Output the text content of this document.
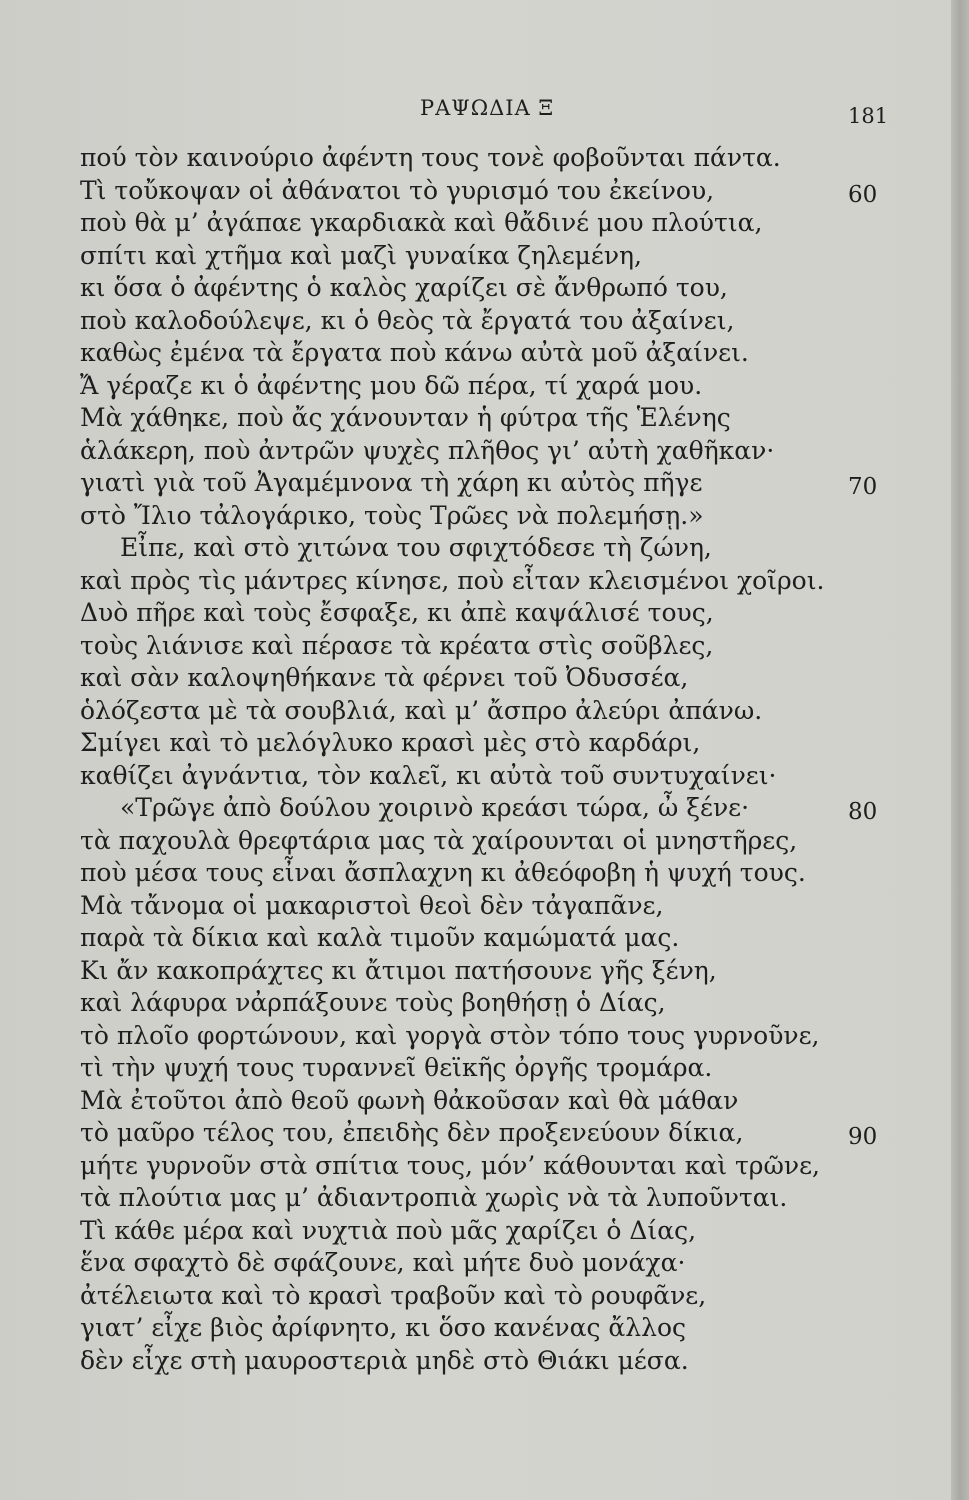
ΡΑΨΩΔΙΑ Ξ	181
πού τὸν καινούριο ἀφέντη τους τονὲ φοβοῦνται πάντα.
Τὶ τοὔκοψαν οἱ ἀθάνατοι τὸ γυρισμό του ἐκείνου,	60
ποὺ θὰ μ’ ἀγάπαε γκαρδιακὰ καὶ θἄδινέ μου πλούτια,
σπίτι καὶ χτῆμα καὶ μαζὶ γυναίκα ζηλεμένη,
κι ὅσα ὁ ἀφέντης ὁ καλὸς χαρίζει σὲ ἄνθρωπό του,
ποὺ καλοδούλεψε, κι ὁ θεὸς τὰ ἔργατά του ἀξαίνει,
καθὼς ἐμένα τὰ ἔργατα ποὺ κάνω αὐτὰ μοῦ ἀξαίνει.
Ἄ γέραζε κι ὁ ἀφέντης μου δῶ πέρα, τί χαρά μου.
Μὰ χάθηκε, ποὺ ἄς χάνουνταν ἡ φύτρα τῆς Ἑλένης
ἁλάκερη, ποὺ ἀντρῶν ψυχὲς πλῆθος γι’ αὐτὴ χαθῆκαν·
γιατὶ γιὰ τοῦ Ἀγαμέμνονα τὴ χάρη κι αὐτὸς πῆγε	70
στὸ Ἴλιο τἀλογάρικο, τοὺς Τρῶες νὰ πολεμήσῃ.»
Εἶπε, καὶ στὸ χιτώνα του σφιχτόδεσε τὴ ζώνη,
καὶ πρὸς τὶς μάντρες κίνησε, ποὺ εἶταν κλεισμένοι χοῖροι.
Δυὸ πῆρε καὶ τοὺς ἔσφαξε, κι ἀπὲ καψάλισέ τους,
τοὺς λιάνισε καὶ πέρασε τὰ κρέατα στὶς σοῦβλες,
καὶ σὰν καλοψηθήκανε τὰ φέρνει τοῦ Ὀδυσσέα,
ὁλόζεστα μὲ τὰ σουβλιά, καὶ μ’ ἄσπρο ἀλεύρι ἀπάνω.
Σμίγει καὶ τὸ μελόγλυκο κρασὶ μὲς στὸ καρδάρι,
καθίζει ἀγνάντια, τὸν καλεῖ, κι αὐτὰ τοῦ συντυχαίνει·
«Τρῶγε ἀπὸ δούλου χοιρινὸ κρεάσι τώρα, ὦ ξένε·	80
τὰ παχουλὰ θρεφτάρια μας τὰ χαίρουνται οἱ μνηστῆρες,
ποὺ μέσα τους εἶναι ἄσπλαχνη κι ἀθεόφοβη ἡ ψυχή τους.
Μὰ τἄνομα οἱ μακαριστοὶ θεοὶ δὲν τἀγαπᾶνε,
παρὰ τὰ δίκια καὶ καλὰ τιμοῦν καμώματά μας.
Κι ἄν κακοπράχτες κι ἄτιμοι πατήσουνε γῆς ξένη,
καὶ λάφυρα νἀρπάξουνε τοὺς βοηθήσῃ ὁ Δίας,
τὸ πλοῖο φορτώνουν, καὶ γοργὰ στὸν τόπο τους γυρνοῦνε,
τὶ τὴν ψυχή τους τυραννεῖ θεϊκῆς ὀργῆς τρομάρα.
Μὰ ἐτοῦτοι ἀπὸ θεοῦ φωνὴ θἀκοῦσαν καὶ θὰ μάθαν
τὸ μαῦρο τέλος του, ἐπειδὴς δὲν προξενεύουν δίκια,	90
μήτε γυρνοῦν στὰ σπίτια τους, μόν’ κάθουνται καὶ τρῶνε,
τὰ πλούτια μας μ’ ἀδιαντροπιὰ χωρὶς νὰ τὰ λυποῦνται.
Τὶ κάθε μέρα καὶ νυχτιὰ ποὺ μᾶς χαρίζει ὁ Δίας,
ἕνα σφαχτὸ δὲ σφάζουνε, καὶ μήτε δυὸ μονάχα·
ἀτέλειωτα καὶ τὸ κρασὶ τραβοῦν καὶ τὸ ρουφᾶνε,
γιατ’ εἶχε βιὸς ἀρίφνητο, κι ὅσο κανένας ἄλλος
δὲν εἶχε στὴ μαυροστεριὰ μηδὲ στὸ Θιάκι μέσα.
